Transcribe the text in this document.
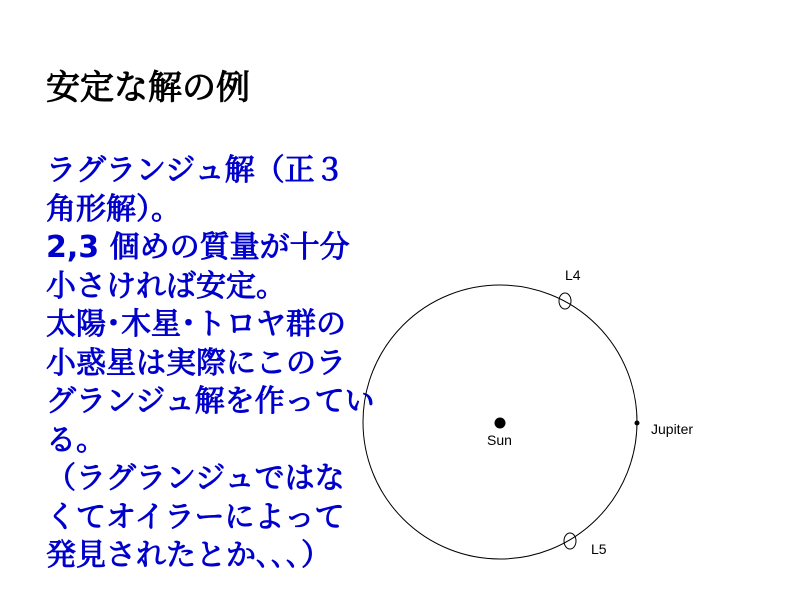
安定な解の例
ラグランジュ解（正３
角形解）。
2,3 個めの質量が十分
小さければ安定。
太陽･木星･トロヤ群の
小惑星は実際にこのラ
グランジュ解を作ってい
る。
（ラグランジュではな
くてオイラーによって
発見されたとか､､､）
Sun
Jupiter
L4
L5
